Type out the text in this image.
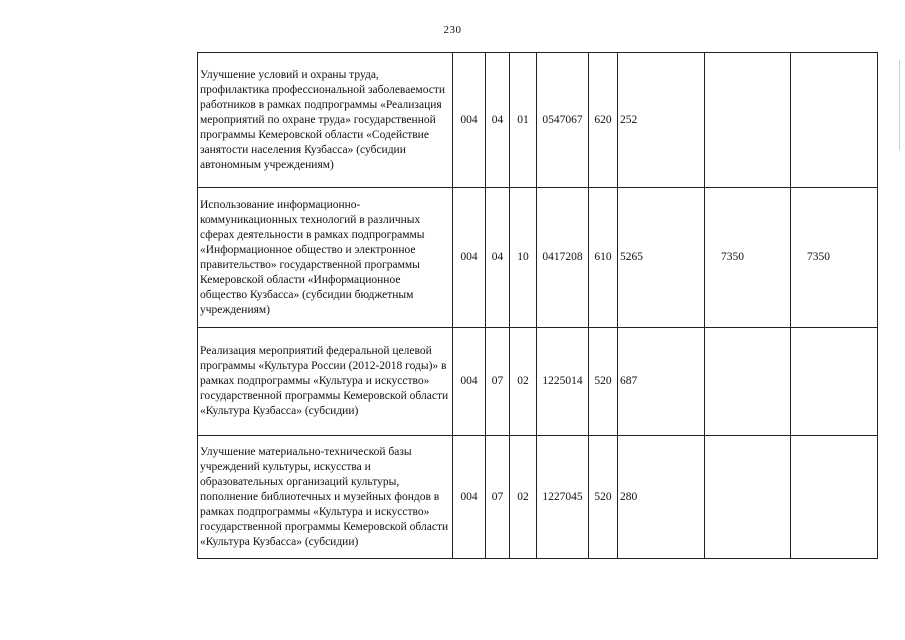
230
Улучшение условий и охраны труда, профилактика профессиональной заболеваемости работников в рамках подпрограммы «Реализация мероприятий по охране труда» государственной программы Кемеровской области «Содействие занятости населения Кузбасса» (субсидии автономным учреждениям)	004	04	01	0547067	620	252		
Использование информационно-коммуникационных технологий в различных сферах деятельности в рамках подпрограммы «Информационное общество и электронное правительство» государственной программы Кемеровской области «Информационное общество Кузбасса» (субсидии бюджетным учреждениям)	004	04	10	0417208	610	5265	7350	7350
Реализация мероприятий федеральной целевой программы «Культура России (2012-2018 годы)» в рамках подпрограммы «Культура и искусство» государственной программы Кемеровской области «Культура Кузбасса» (субсидии)	004	07	02	1225014	520	687		
Улучшение материально-технической базы учреждений культуры, искусства и образовательных организаций культуры, пополнение библиотечных и музейных фондов в рамках подпрограммы «Культура и искусство» государственной программы Кемеровской области «Культура Кузбасса» (субсидии)	004	07	02	1227045	520	280		
